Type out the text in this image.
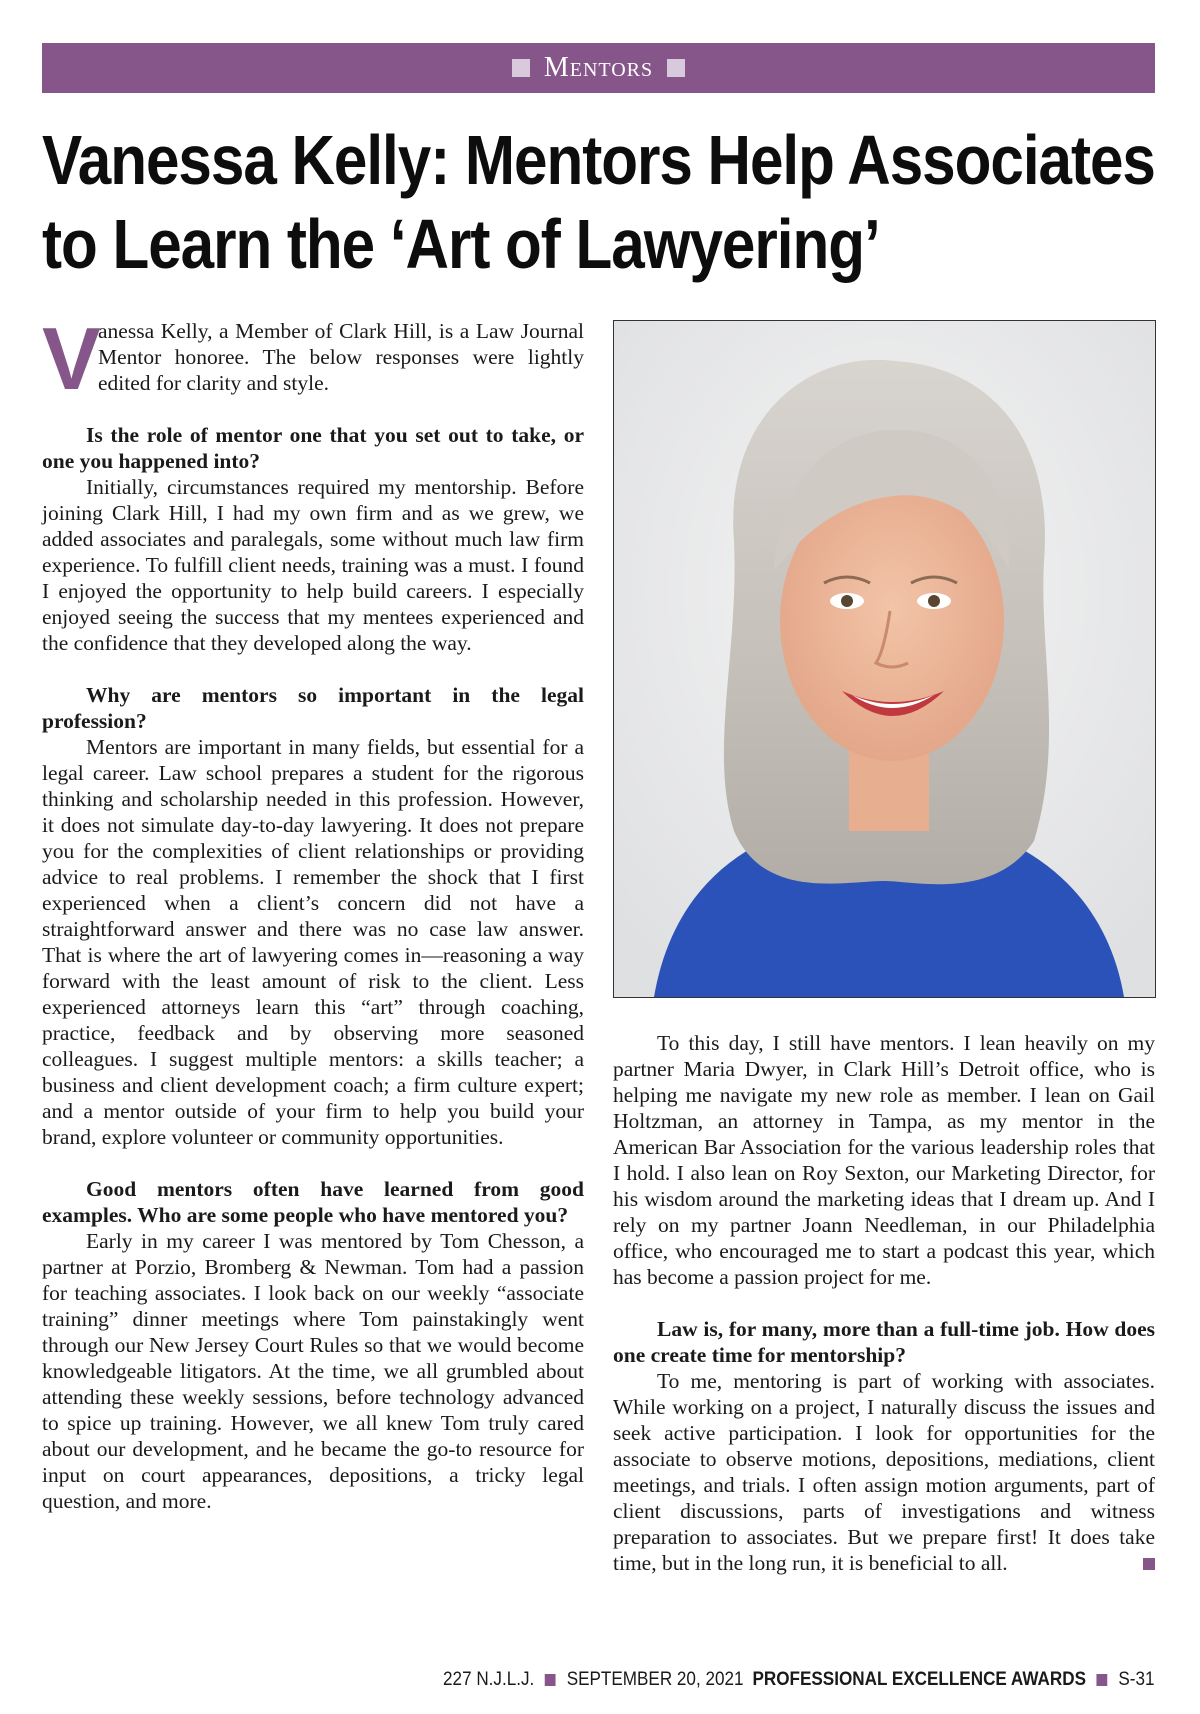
Mentors
Vanessa Kelly: Mentors Help Associates
to Learn the ‘Art of Lawyering’
V

anessa Kelly, a Member of Clark Hill, is a Law Journal Mentor honoree. The below responses were lightly edited for clarity and style.

Is the role of mentor one that you set out to take, or one you happened into?

Initially, circumstances required my mentorship. Before joining Clark Hill, I had my own firm and as we grew, we added associates and paralegals, some without much law firm experience. To fulfill client needs, training was a must. I found I enjoyed the opportunity to help build careers. I especially enjoyed seeing the success that my mentees experienced and the confidence that they developed along the way.

Why are mentors so important in the legal profession?

Mentors are important in many fields, but essential for a legal career. Law school prepares a student for the rigorous thinking and scholarship needed in this profession. However, it does not simulate day-to-day lawyering. It does not prepare you for the complexities of client relationships or providing advice to real problems. I remember the shock that I first experienced when a client’s concern did not have a straightforward answer and there was no case law answer. That is where the art of lawyering comes in—reasoning a way forward with the least amount of risk to the client. Less experienced attorneys learn this “art” through coaching, practice, feedback and by observing more seasoned colleagues. I suggest multiple mentors: a skills teacher; a business and client development coach; a firm culture expert; and a mentor outside of your firm to help you build your brand, explore volunteer or community opportunities.

Good mentors often have learned from good examples. Who are some people who have mentored you?

Early in my career I was mentored by Tom Chesson, a partner at Porzio, Bromberg & Newman. Tom had a passion for teaching associates. I look back on our weekly “associate training” dinner meetings where Tom painstakingly went through our New Jersey Court Rules so that we would become knowledgeable litigators. At the time, we all grumbled about attending these weekly sessions, before technology advanced to spice up training. However, we all knew Tom truly cared about our development, and he became the go-to resource for input on court appearances, depositions, a tricky legal question, and more.

To this day, I still have mentors. I lean heavily on my partner Maria Dwyer, in Clark Hill’s Detroit office, who is helping me navigate my new role as member. I lean on Gail Holtzman, an attorney in Tampa, as my mentor in the American Bar Association for the various leadership roles that I hold. I also lean on Roy Sexton, our Marketing Director, for his wisdom around the marketing ideas that I dream up. And I rely on my partner Joann Needleman, in our Philadelphia office, who encouraged me to start a podcast this year, which has become a passion project for me.

Law is, for many, more than a full-time job. How does one create time for mentorship?

To me, mentoring is part of working with associates. While working on a project, I naturally discuss the issues and seek active participation. I look for opportunities for the associate to observe motions, depositions, mediations, client meetings, and trials. I often assign motion arguments, part of client discussions, parts of investigations and witness preparation to associates. But we prepare first! It does take time, but in the long run, it is beneficial to all.

227 N.J.L.J. SEPTEMBER 20, 2021 PROFESSIONAL EXCELLENCE AWARDS S-31
